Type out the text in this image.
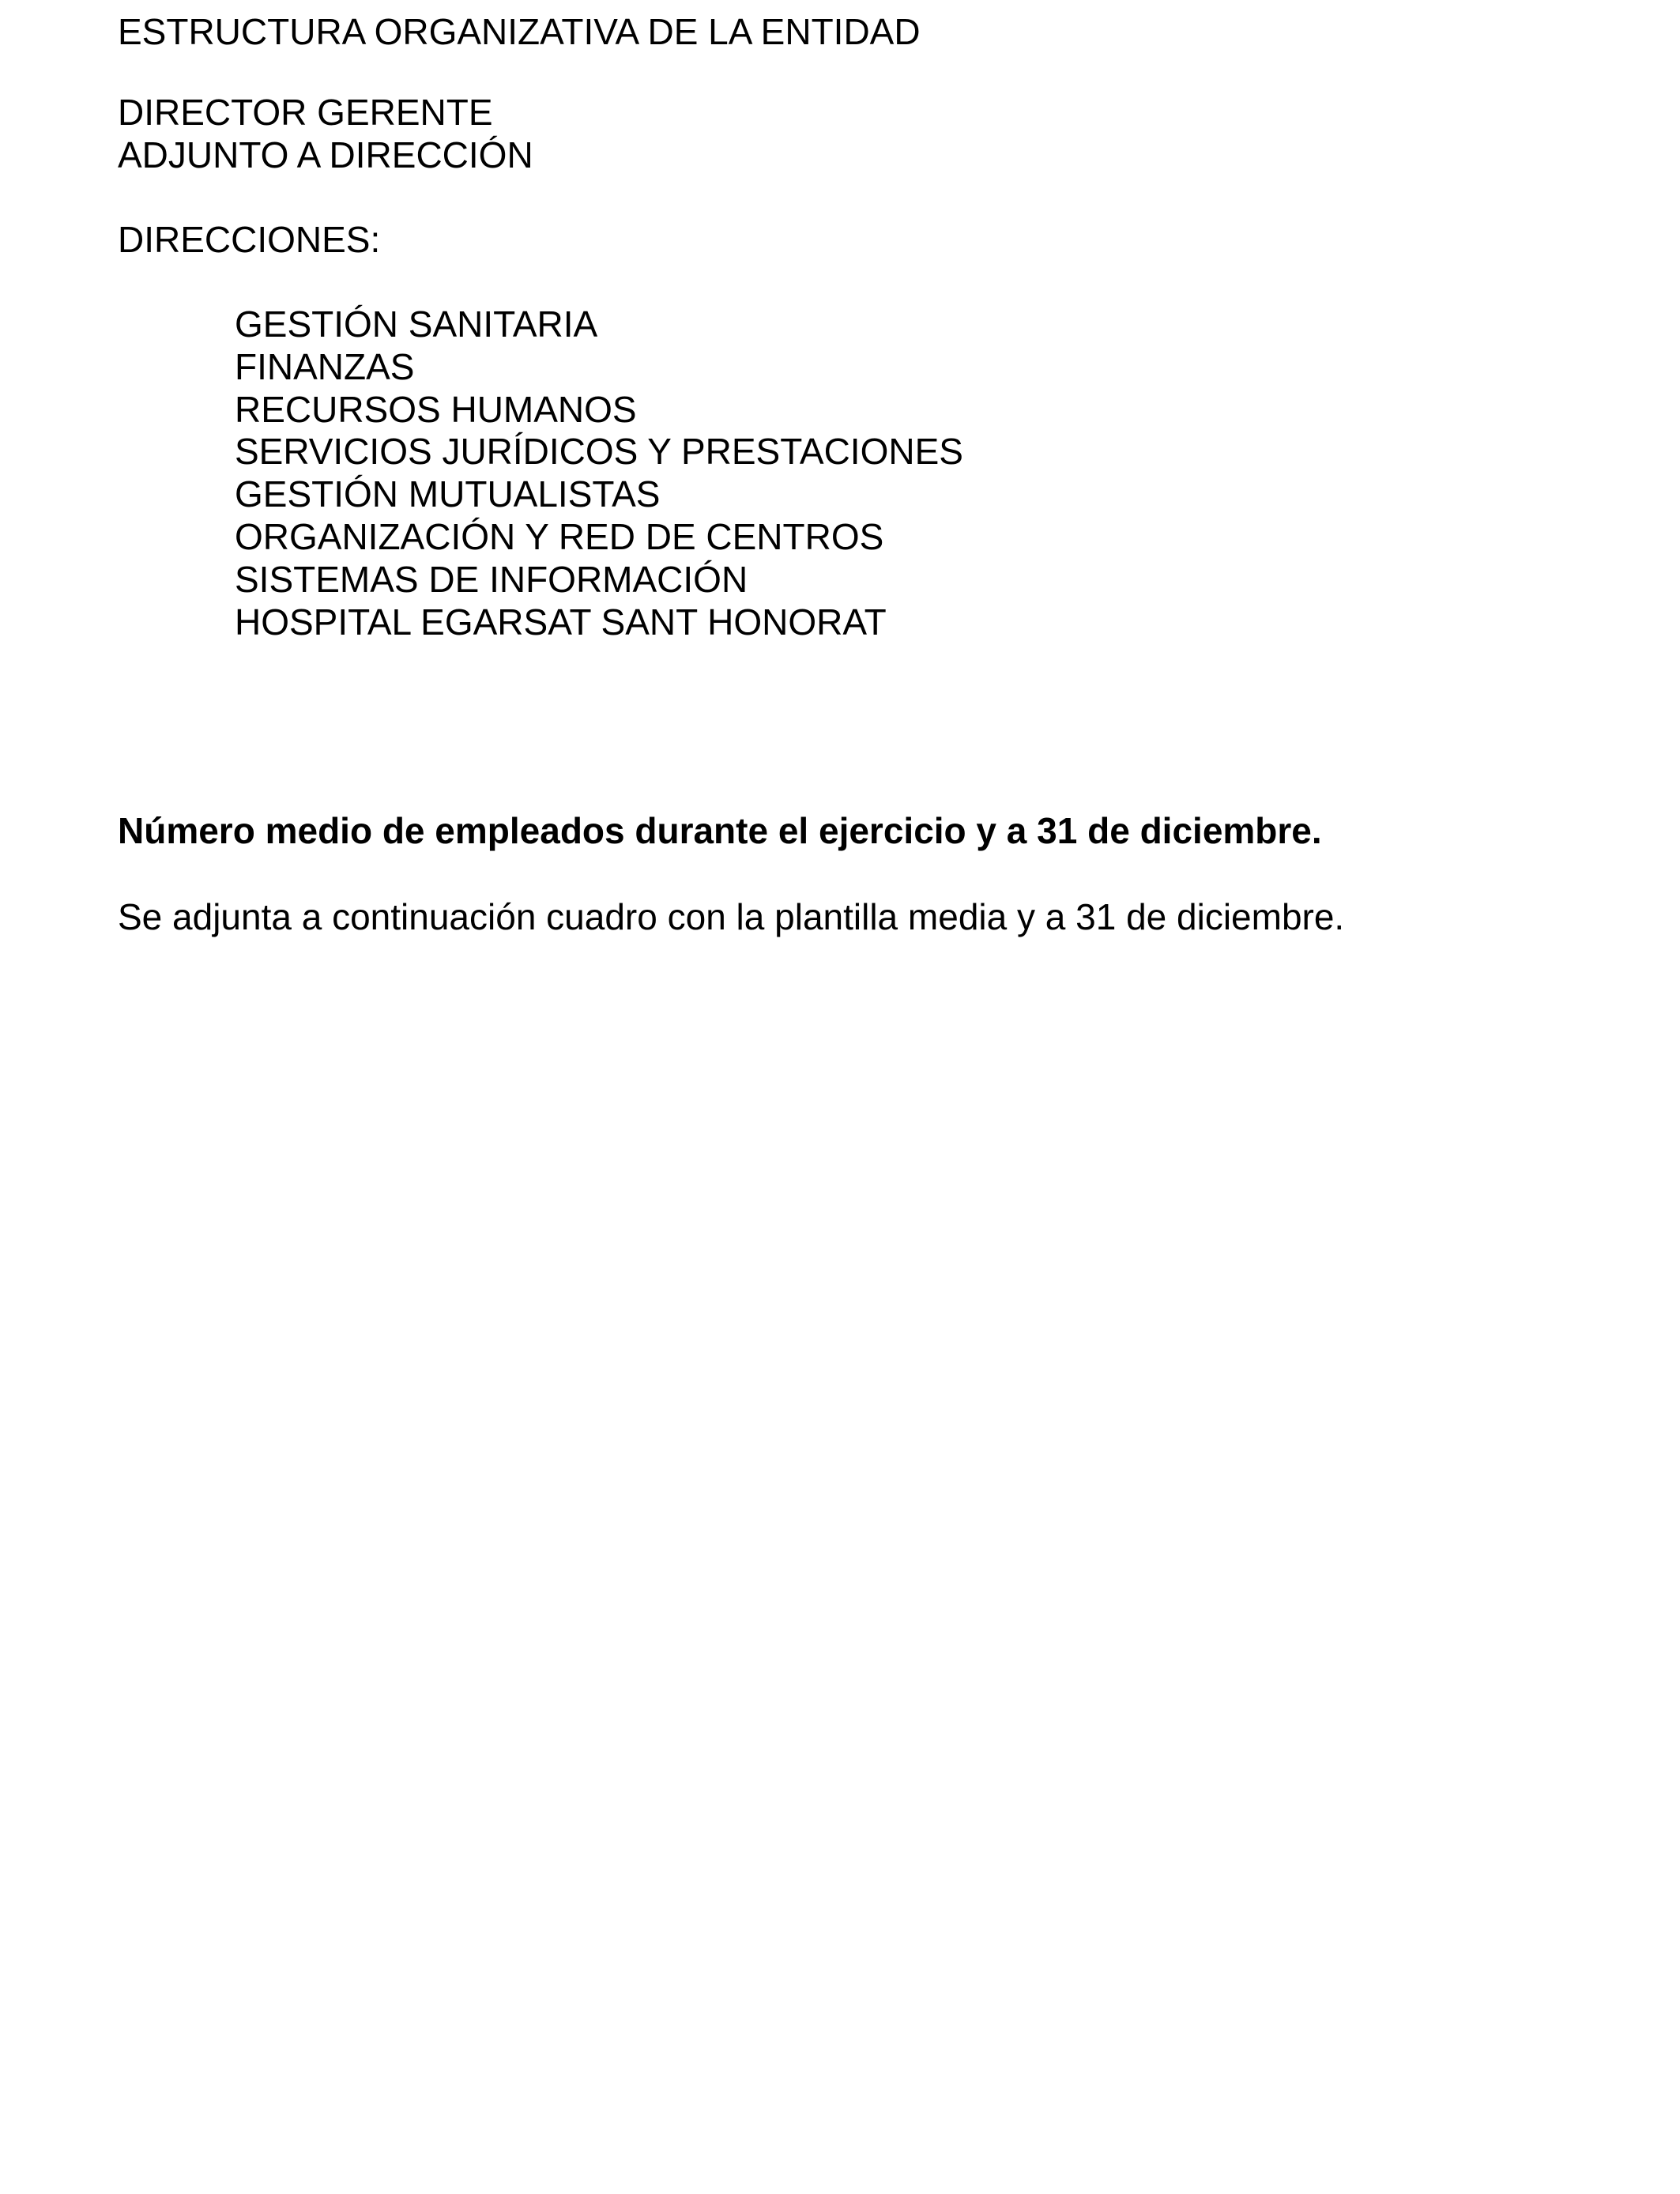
ESTRUCTURA ORGANIZATIVA DE LA ENTIDAD
DIRECTOR GERENTE
ADJUNTO A DIRECCIÓN
DIRECCIONES:
GESTIÓN SANITARIA
FINANZAS
RECURSOS HUMANOS
SERVICIOS JURÍDICOS Y PRESTACIONES
GESTIÓN MUTUALISTAS
ORGANIZACIÓN Y RED DE CENTROS
SISTEMAS DE INFORMACIÓN
HOSPITAL EGARSAT SANT HONORAT
Número medio de empleados durante el ejercicio y a 31 de diciembre.
Se adjunta a continuación cuadro con la plantilla media y a 31 de diciembre.
